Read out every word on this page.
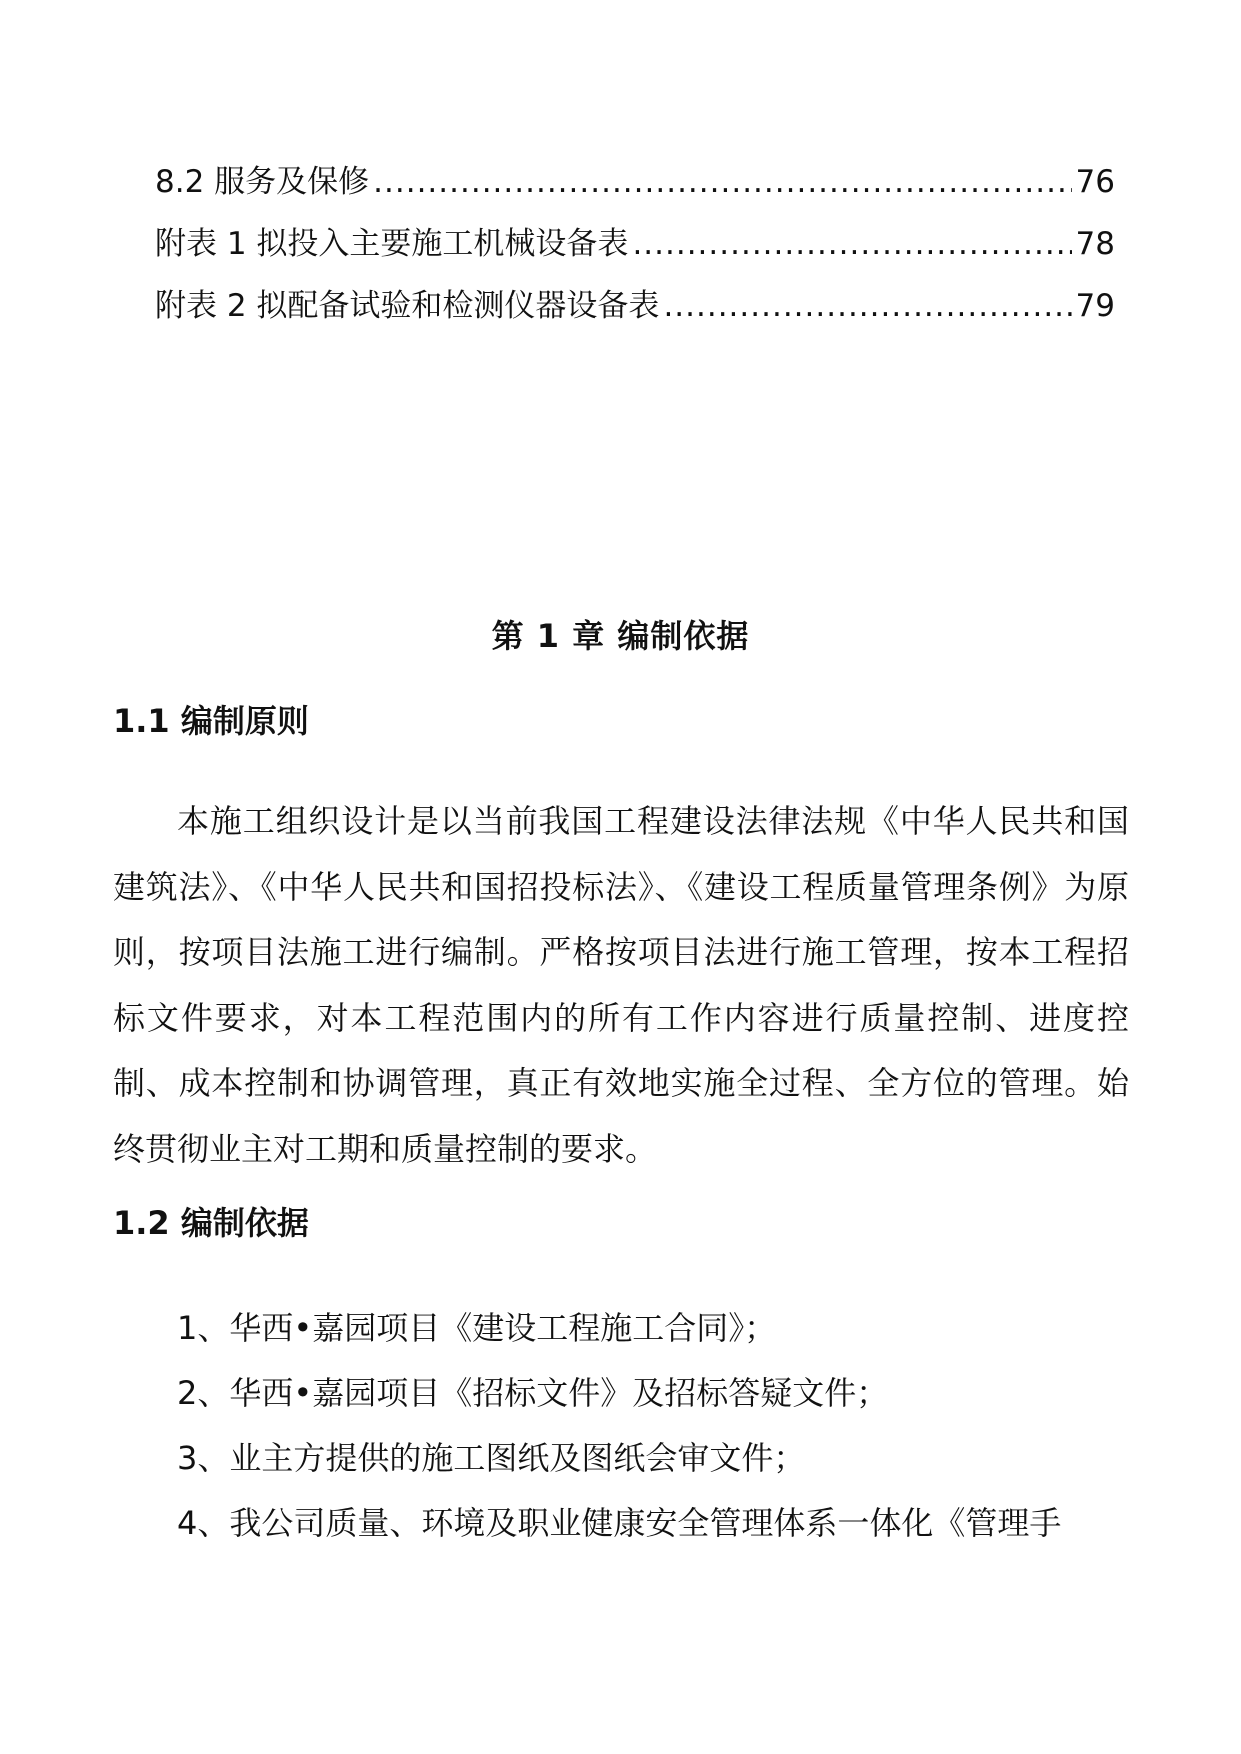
8.2 服务及保修 .....	76
附表 1 拟投入主要施工机械设备表 .....	78
附表 2 拟配备试验和检测仪器设备表 .....	79
第 1 章 编制依据
1.1 编制原则

本施工组织设计是以当前我国工程建设法律法规《中华人民共和国建筑法》、《中华人民共和国招投标法》、《建设工程质量管理条例》为原则，按项目法施工进行编制。严格按项目法进行施工管理，按本工程招标文件要求，对本工程范围内的所有工作内容进行质量控制、进度控制、成本控制和协调管理，真正有效地实施全过程、全方位的管理。始终贯彻业主对工期和质量控制的要求。

1.2 编制依据
1、华西•嘉园项目《建设工程施工合同》；
2、华西•嘉园项目《招标文件》及招标答疑文件；
3、业主方提供的施工图纸及图纸会审文件；
4、我公司质量、环境及职业健康安全管理体系一体化《管理手
